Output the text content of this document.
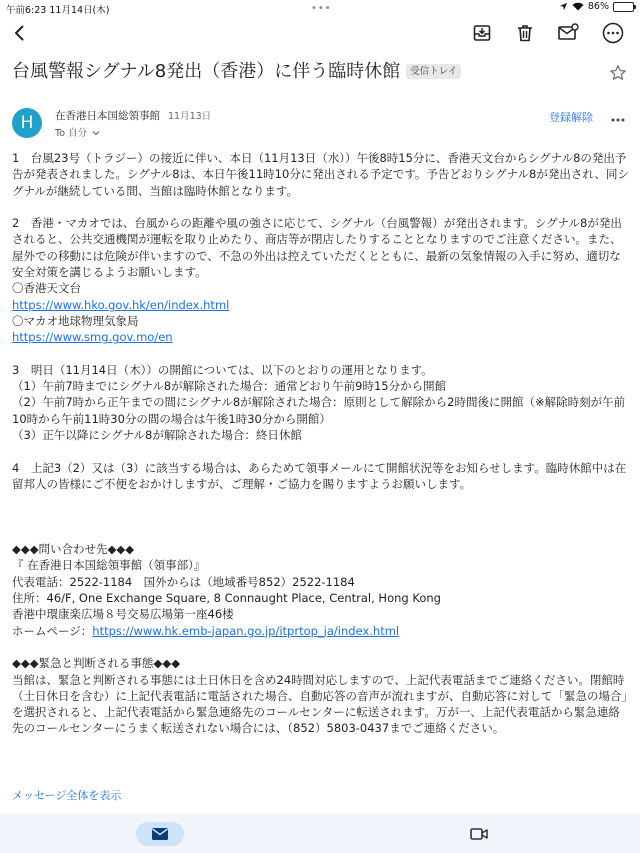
午前6:23 11月14日(木)	•••	86%
台風警報シグナル8発出（香港）に伴う臨時休館 受信トレイ
H	在香港日本国総領事館 11月13日
To 自分
登録解除

1　台風23号（トラジー）の接近に伴い、本日（11月13日（水））午後8時15分に、香港天文台からシグナル8の発出予告が発表されました。シグナル8は、本日午後11時10分に発出される予定です。予告どおりシグナル8が発出され、同シグナルが継続している間、当館は臨時休館となります。

2　香港・マカオでは、台風からの距離や風の強さに応じて、シグナル（台風警報）が発出されます。シグナル8が発出されると、公共交通機関が運転を取り止めたり、商店等が閉店したりすることとなりますのでご注意ください。また、屋外での移動には危険が伴いますので、不急の外出は控えていただくとともに、最新の気象情報の入手に努め、適切な安全対策を講じるようお願いします。

〇香港天文台

https://www.hko.gov.hk/en/index.html

〇マカオ地球物理気象局

https://www.smg.gov.mo/en

3　明日（11月14日（木））の開館については、以下のとおりの運用となります。

（1）午前7時までにシグナル8が解除された場合：通常どおり午前9時15分から開館

（2）午前7時から正午までの間にシグナル8が解除された場合：原則として解除から2時間後に開館（※解除時刻が午前10時から午前11時30分の間の場合は午後1時30分から開館）

（3）正午以降にシグナル8が解除された場合：終日休館

4　上記3（2）又は（3）に該当する場合は、あらためて領事メールにて開館状況等をお知らせします。臨時休館中は在留邦人の皆様にご不便をおかけしますが、ご理解・ご協力を賜りますようお願いします。

◆◆◆問い合わせ先◆◆◆

『 在香港日本国総領事館（領事部）』

代表電話：2522-1184　国外からは（地域番号852）2522-1184

住所：46/F, One Exchange Square, 8 Connaught Place, Central, Hong Kong

香港中環康楽広場８号交易広場第一座46楼

ホームページ：https://www.hk.emb-japan.go.jp/itprtop_ja/index.html

◆◆◆緊急と判断される事態◆◆◆

当館は、緊急と判断される事態には土日休日を含め24時間対応しますので、上記代表電話までご連絡ください。閉館時（土日休日を含む）に上記代表電話に電話された場合、自動応答の音声が流れますが、自動応答に対して「緊急の場合」を選択されると、上記代表電話から緊急連絡先のコールセンターに転送されます。万が一、上記代表電話から緊急連絡先のコールセンターにうまく転送されない場合には、（852）5803-0437までご連絡ください。

メッセージ全体を表示
